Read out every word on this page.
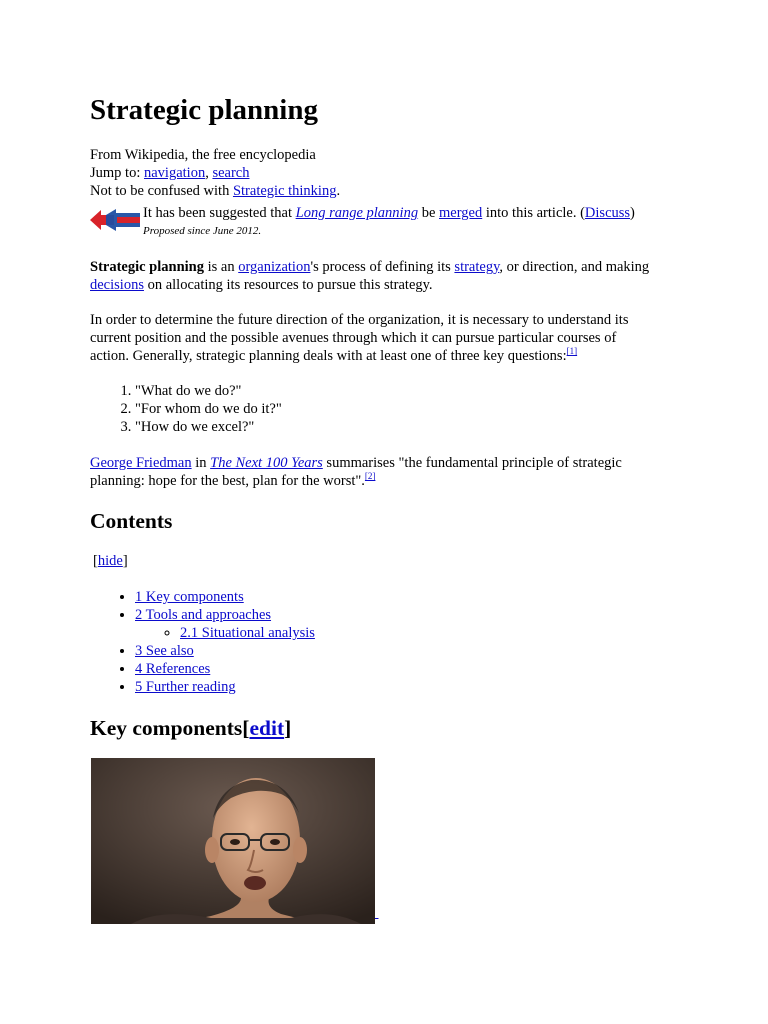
Strategic planning
From Wikipedia, the free encyclopedia
Jump to: navigation, search
Not to be confused with Strategic thinking.
It has been suggested that Long range planning be merged into this article. (Discuss)
Proposed since June 2012.

Strategic planning is an organization's process of defining its strategy, or direction, and making
decisions on allocating its resources to pursue this strategy.

In order to determine the future direction of the organization, it is necessary to understand its
current position and the possible avenues through which it can pursue particular courses of
action. Generally, strategic planning deals with at least one of three key questions:[1]

1. "What do we do?"
2. "For whom do we do it?"
3. "How do we excel?"

George Friedman in The Next 100 Years summarises "the fundamental principle of strategic
planning: hope for the best, plan for the worst".[2]

Contents
[hide]
• 1 Key components
• 2 Tools and approaches
◦ 2.1 Situational analysis
• 3 See also
• 4 References
• 5 Further reading
Key components[edit]
